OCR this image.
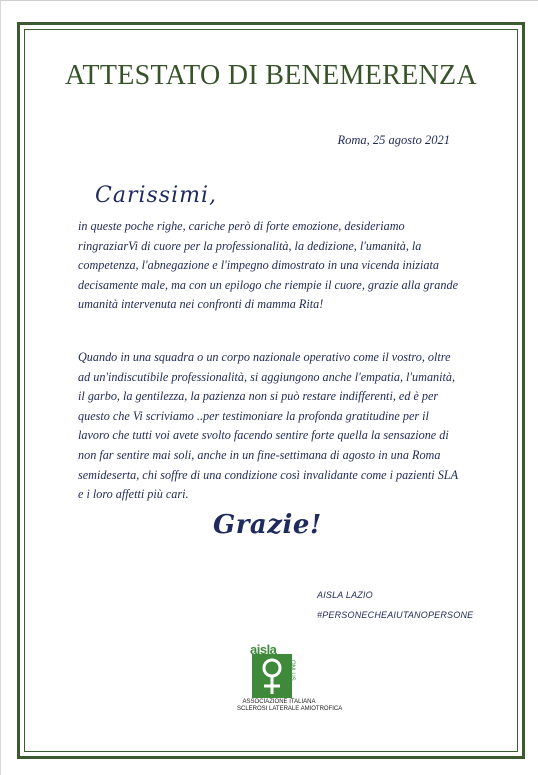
ATTESTATO DI BENEMERENZA
Roma, 25 agosto 2021
Carissimi,
in queste poche righe, cariche però di forte emozione, desideriamo
ringraziarVi di cuore per la professionalità, la dedizione, l'umanità, la
competenza, l'abnegazione e l'impegno dimostrato in una vicenda iniziata
decisamente male, ma con un epilogo che riempie il cuore, grazie alla grande
umanità intervenuta nei confronti di mamma Rita!
Quando in una squadra o un corpo nazionale operativo come il vostro, oltre
ad un'indiscutibile professionalità, si aggiungono anche l'empatia, l'umanità,
il garbo, la gentilezza, la pazienza non si può restare indifferenti, ed è per
questo che Vi scriviamo ..per testimoniare la profonda gratitudine per il
lavoro che tutti voi avete svolto facendo sentire forte quella la sensazione di
non far sentire mai soli, anche in un fine-settimana di agosto in una Roma
semideserta, chi soffre di una condizione così invalidante come i pazienti SLA
e i loro affetti più cari.
Grazie!
AISLA LAZIO
#PERSONECHEAIUTANOPERSONE
aisla
ONLUS
ASSOCIAZIONE ITALIANA
SCLEROSI LATERALE AMIOTROFICA
